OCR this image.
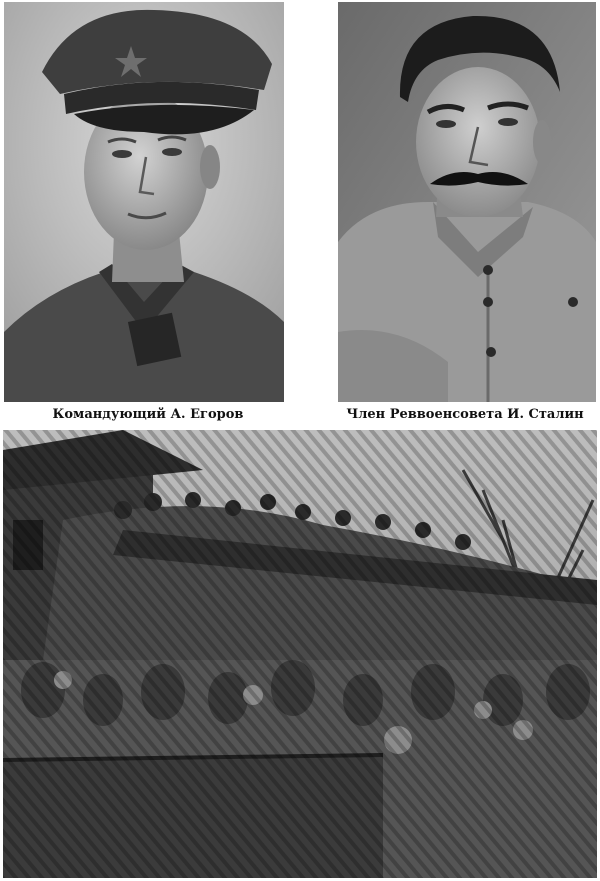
Командующий А. Егоров	Член Реввоенсовета И. Сталин
